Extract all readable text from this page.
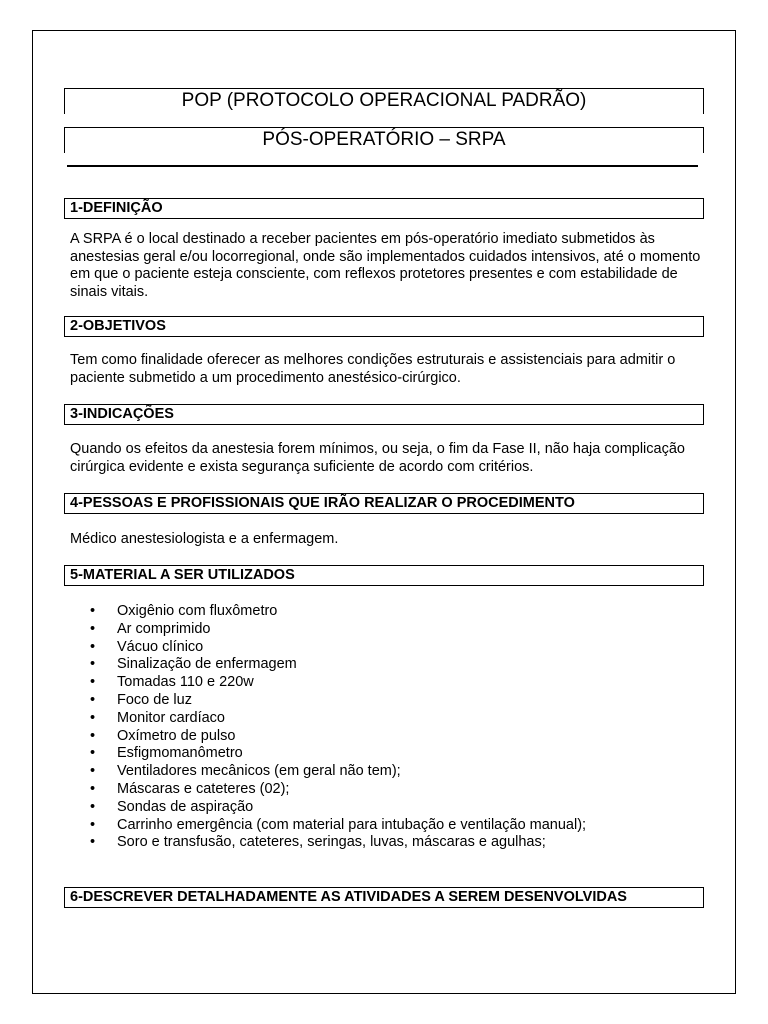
POP (PROTOCOLO OPERACIONAL PADRÃO)
PÓS-OPERATÓRIO – SRPA
1-DEFINIÇÃO
A SRPA é o local destinado a receber pacientes em pós-operatório imediato submetidos às anestesias geral e/ou locorregional, onde são implementados cuidados intensivos, até o momento em que o paciente esteja consciente, com reflexos protetores presentes e com estabilidade de sinais vitais.
2-OBJETIVOS
Tem como finalidade oferecer as melhores condições estruturais e assistenciais para admitir o paciente submetido a um procedimento anestésico-cirúrgico.
3-INDICAÇÕES
Quando os efeitos da anestesia forem mínimos, ou seja, o fim da Fase II, não haja complicação cirúrgica evidente e exista segurança suficiente de acordo com critérios.
4-PESSOAS E PROFISSIONAIS QUE IRÃO REALIZAR O PROCEDIMENTO
Médico anestesiologista e a enfermagem.
5-MATERIAL A SER UTILIZADOS
• Oxigênio com fluxômetro
• Ar comprimido
• Vácuo clínico
• Sinalização de enfermagem
• Tomadas 110 e 220w
• Foco de luz
• Monitor cardíaco
• Oxímetro de pulso
• Esfigmomanômetro
• Ventiladores mecânicos (em geral não tem);
• Máscaras e cateteres (02);
• Sondas de aspiração
• Carrinho emergência (com material para intubação e ventilação manual);
• Soro e transfusão, cateteres, seringas, luvas, máscaras e agulhas;
6-DESCREVER DETALHADAMENTE AS ATIVIDADES A SEREM DESENVOLVIDAS
